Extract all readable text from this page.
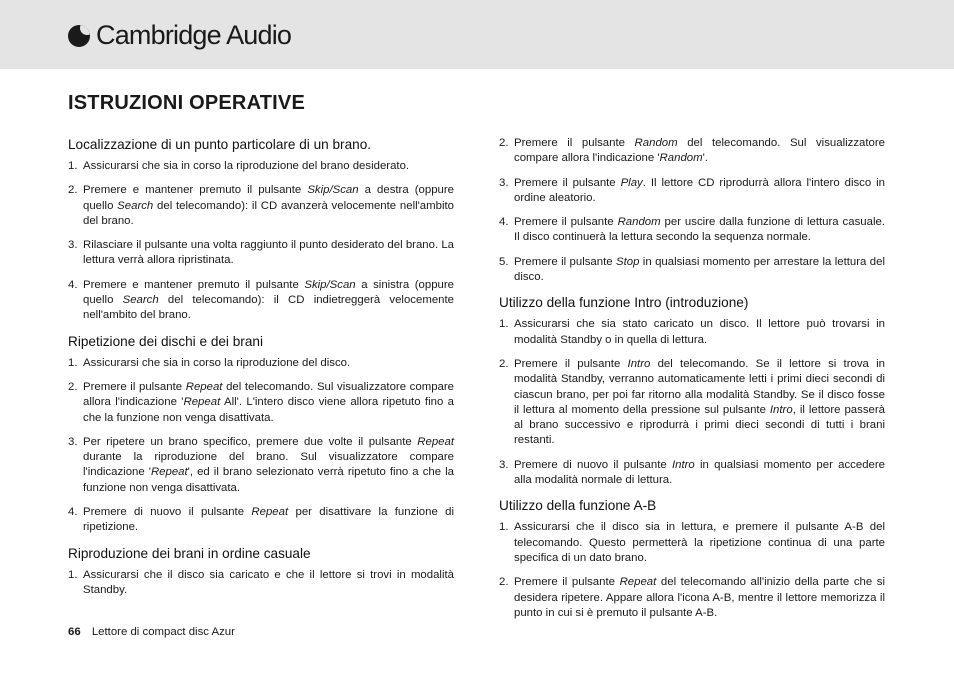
Cambridge Audio
ISTRUZIONI OPERATIVE
Localizzazione di un punto particolare di un brano.
1. Assicurarsi che sia in corso la riproduzione del brano desiderato.
2. Premere e mantener premuto il pulsante Skip/Scan a destra (oppure quello Search del telecomando): il CD avanzerà velocemente nell'ambito del brano.
3. Rilasciare il pulsante una volta raggiunto il punto desiderato del brano. La lettura verrà allora ripristinata.
4. Premere e mantener premuto il pulsante Skip/Scan a sinistra (oppure quello Search del telecomando): il CD indietreggerà velocemente nell'ambito del brano.
Ripetizione dei dischi e dei brani
1. Assicurarsi che sia in corso la riproduzione del disco.
2. Premere il pulsante Repeat del telecomando. Sul visualizzatore compare allora l'indicazione 'Repeat All'. L'intero disco viene allora ripetuto fino a che la funzione non venga disattivata.
3. Per ripetere un brano specifico, premere due volte il pulsante Repeat durante la riproduzione del brano. Sul visualizzatore compare l'indicazione 'Repeat', ed il brano selezionato verrà ripetuto fino a che la funzione non venga disattivata.
4. Premere di nuovo il pulsante Repeat per disattivare la funzione di ripetizione.
Riproduzione dei brani in ordine casuale
1. Assicurarsi che il disco sia caricato e che il lettore si trovi in modalità Standby.
2. Premere il pulsante Random del telecomando. Sul visualizzatore compare allora l'indicazione 'Random'.
3. Premere il pulsante Play. Il lettore CD riprodurrà allora l'intero disco in ordine aleatorio.
4. Premere il pulsante Random per uscire dalla funzione di lettura casuale. Il disco continuerà la lettura secondo la sequenza normale.
5. Premere il pulsante Stop in qualsiasi momento per arrestare la lettura del disco.
Utilizzo della funzione Intro (introduzione)
1. Assicurarsi che sia stato caricato un disco. Il lettore può trovarsi in modalità Standby o in quella di lettura.
2. Premere il pulsante Intro del telecomando. Se il lettore si trova in modalità Standby, verranno automaticamente letti i primi dieci secondi di ciascun brano, per poi far ritorno alla modalità Standby. Se il disco fosse il lettura al momento della pressione sul pulsante Intro, il lettore passerà al brano successivo e riprodurrà i primi dieci secondi di tutti i brani restanti.
3. Premere di nuovo il pulsante Intro in qualsiasi momento per accedere alla modalità normale di lettura.
Utilizzo della funzione A-B
1. Assicurarsi che il disco sia in lettura, e premere il pulsante A-B del telecomando. Questo permetterà la ripetizione continua di una parte specifica di un dato brano.
2. Premere il pulsante Repeat del telecomando all'inizio della parte che si desidera ripetere. Appare allora l'icona A-B, mentre il lettore memorizza il punto in cui si è premuto il pulsante A-B.
66 Lettore di compact disc Azur
